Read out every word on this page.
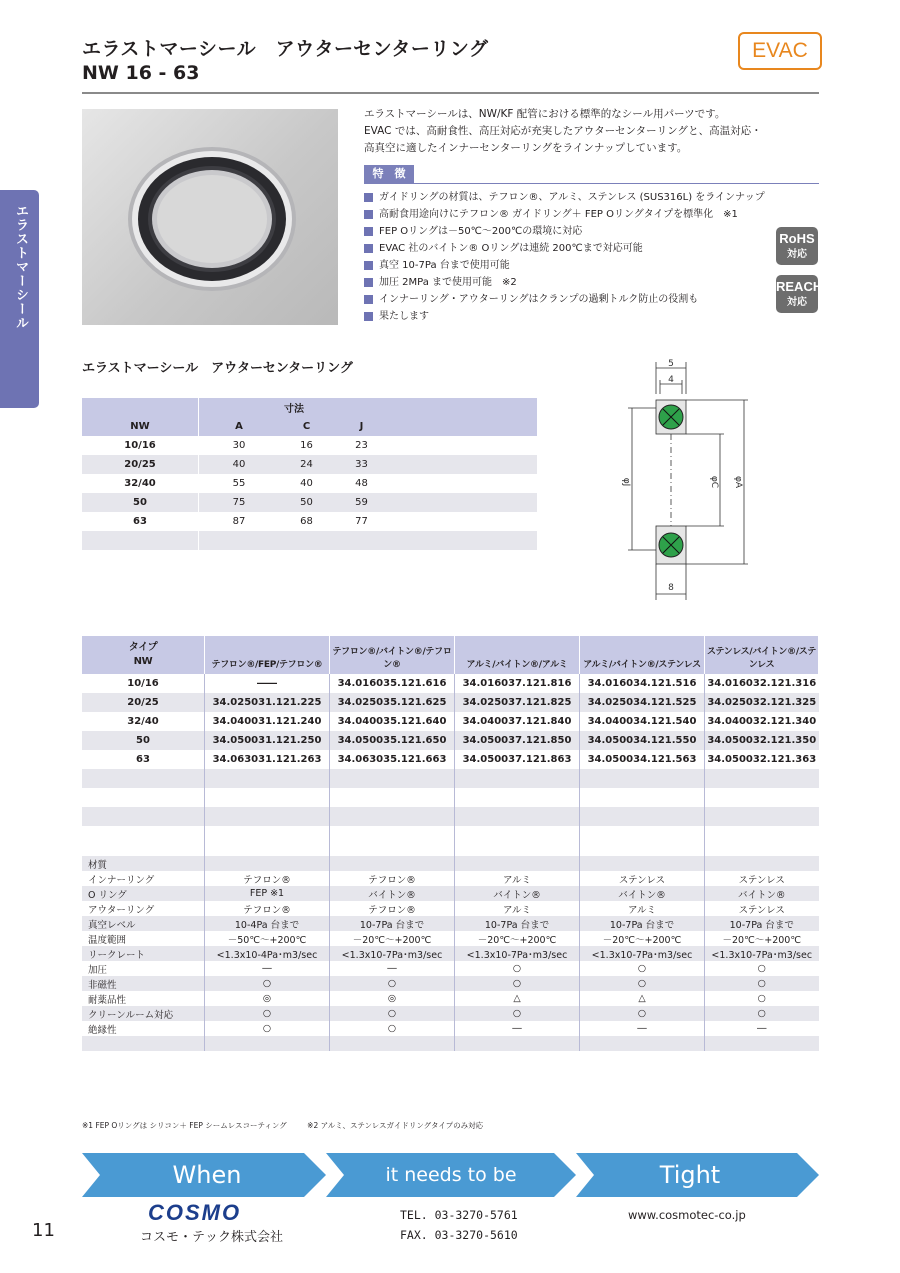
エラストマーシール　アウターセンターリング
NW 16 - 63
EVAC
エラストマーシール
エラストマーシールは、NW/KF 配管における標準的なシール用パーツです。
EVAC では、高耐食性、高圧対応が充実したアウターセンターリングと、高温対応・
高真空に適したインナーセンターリングをラインナップしています。
特　徴
ガイドリングの材質は、テフロン®、アルミ、ステンレス (SUS316L) をラインナップ
高耐食用途向けにテフロン® ガイドリング＋ FEP Oリングタイプを標準化　※1
FEP Oリングは－50℃～200℃の環境に対応
EVAC 社のバイトン® Oリングは連続 200℃まで対応可能
真空 10-7Pa 台まで使用可能
加圧 2MPa まで使用可能　※2
インナーリング・アウターリングはクランプの過剰トルク防止の役割も
果たします
RoHS
対応
REACH
対応
エラストマーシール　アウターセンターリング
	寸法			
NW	A	C	J	
10/16	30	16	23	
20/25	40	24	33	
32/40	55	40	48	
50	75	50	59	
63	87	68	77	

5
4
φJ	φC φA
8
タイプ
NW	テフロン®/FEP/テフロン®	テフロン®/バイトン®/テフロン®	アルミ/バイトン®/アルミ	アルミ/バイトン®/ステンレス	ステンレス/バイトン®/ステンレス
10/16	――	34.016035.121.616	34.016037.121.816	34.016034.121.516	34.016032.121.316
20/25	34.025031.121.225	34.025035.121.625	34.025037.121.825	34.025034.121.525	34.025032.121.325
32/40	34.040031.121.240	34.040035.121.640	34.040037.121.840	34.040034.121.540	34.040032.121.340
50	34.050031.121.250	34.050035.121.650	34.050037.121.850	34.050034.121.550	34.050032.121.350
63	34.063031.121.263	34.063035.121.663	34.050037.121.863	34.050034.121.563	34.050032.121.363

材質					
インナーリング	テフロン®	テフロン®	アルミ	ステンレス	ステンレス
O リング	FEP ※1	バイトン®	バイトン®	バイトン®	バイトン®
アウターリング	テフロン®	テフロン®	アルミ	アルミ	ステンレス
真空レベル	10-4Pa 台まで	10-7Pa 台まで	10-7Pa 台まで	10-7Pa 台まで	10-7Pa 台まで
温度範囲	－50℃～+200℃	－20℃～+200℃	－20℃～+200℃	－20℃～+200℃	－20℃～+200℃
リークレート	<1.3x10-4Pa･m3/sec	<1.3x10-7Pa･m3/sec	<1.3x10-7Pa･m3/sec	<1.3x10-7Pa･m3/sec	<1.3x10-7Pa･m3/sec
加圧	―	―	○	○	○
非磁性	○	○	○	○	○
耐薬品性	◎	◎	△	△	○
クリーンルーム対応	○	○	○	○	○
絶縁性	○	○	―	―	―

※1 FEP Oリングは シリコン＋ FEP シームレスコーティング	※2 アルミ、ステンレスガイドリングタイプのみ対応
When	it needs to be	Tight
COSMO
コスモ・テック株式会社
TEL. 03-3270-5761
FAX. 03-3270-5610
www.cosmotec-co.jp
11
